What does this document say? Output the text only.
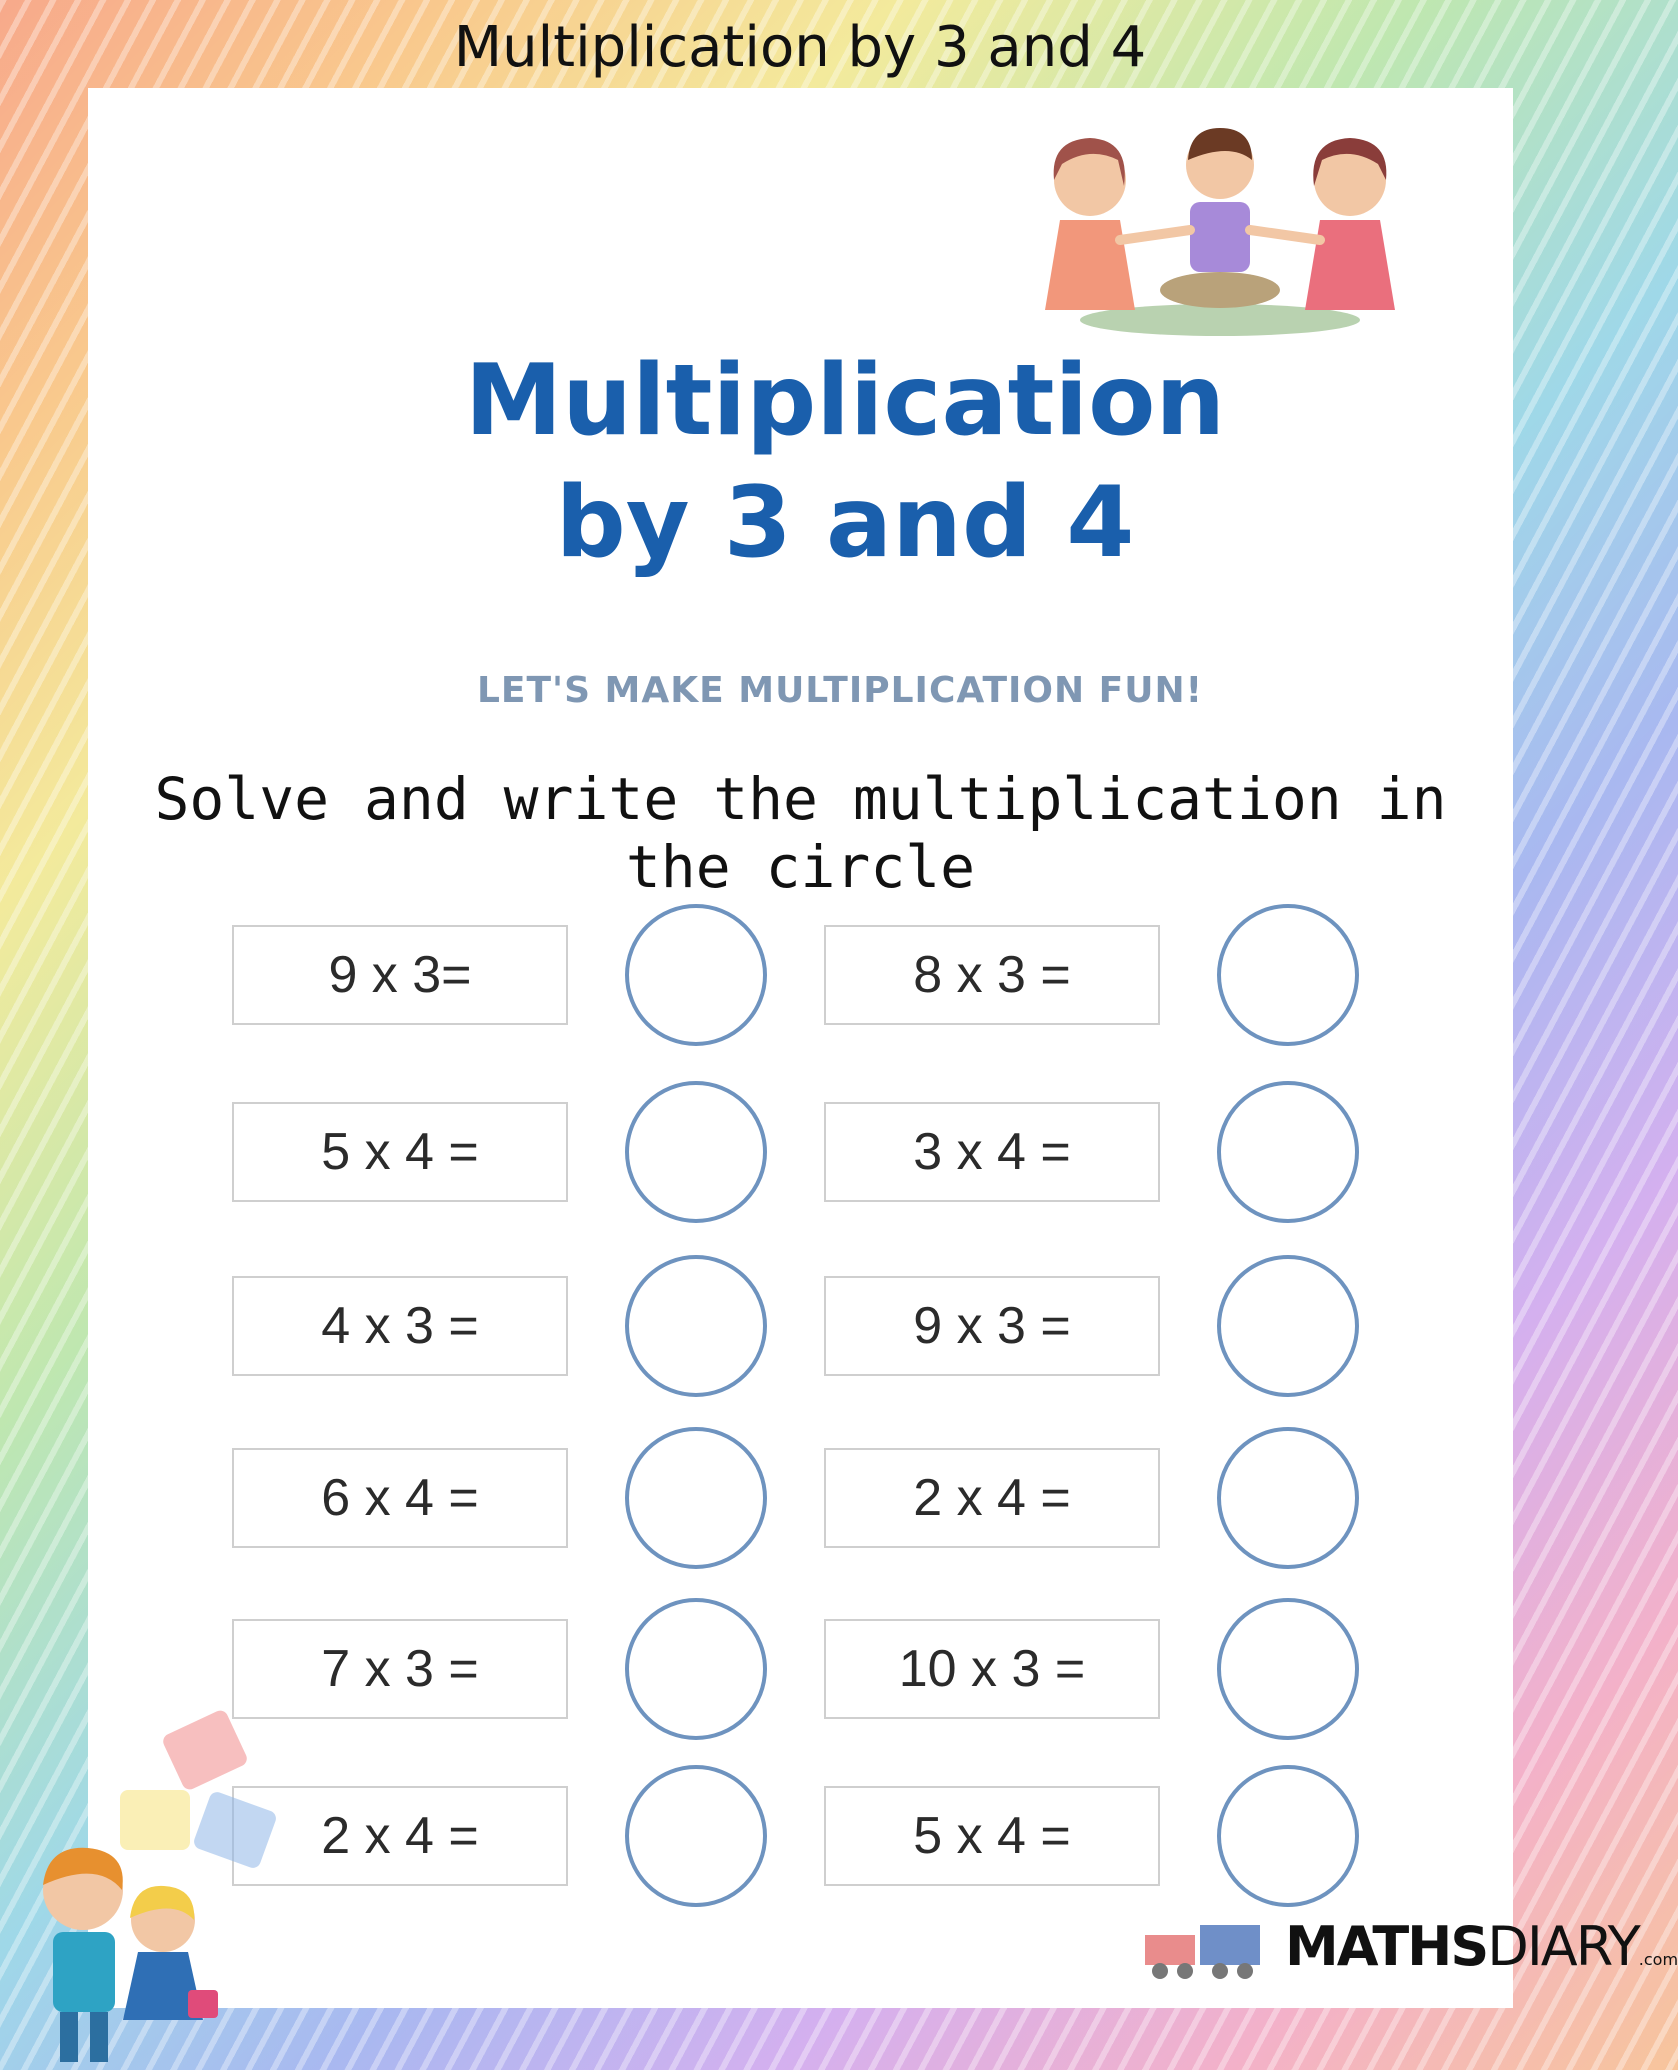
Multiplication by 3 and 4
Multiplication
by 3 and 4
LET'S MAKE MULTIPLICATION FUN!
Solve and write the multiplication in the circle
9 x 3=	8 x 3 =
5 x 4 =	3 x 4 =
4 x 3 =	9 x 3 =
6 x 4 =	2 x 4 =
7 x 3 =	10 x 3 =
2 x 4 =	5 x 4 =
MATHSDIARY.com
